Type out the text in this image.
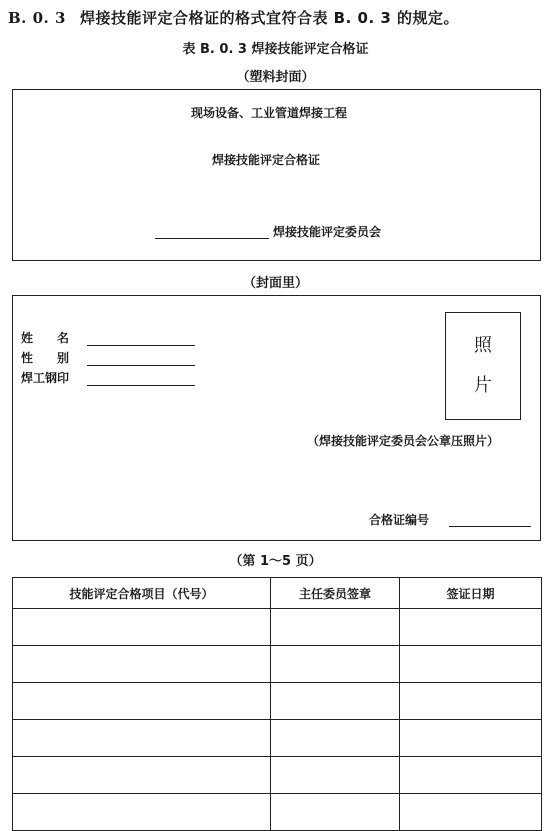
B. 0. 3 焊接技能评定合格证的格式宜符合表 B. 0. 3 的规定。
表 B. 0. 3 焊接技能评定合格证
（塑料封面）
现场设备、工业管道焊接工程
焊接技能评定合格证
焊接技能评定委员会
（封面里）
姓　　名
性　　别
焊工钢印
照
片
（焊接技能评定委员会公章压照片）
合格证编号
（第 1～5 页）
技能评定合格项目（代号）	主任委员签章	签证日期
